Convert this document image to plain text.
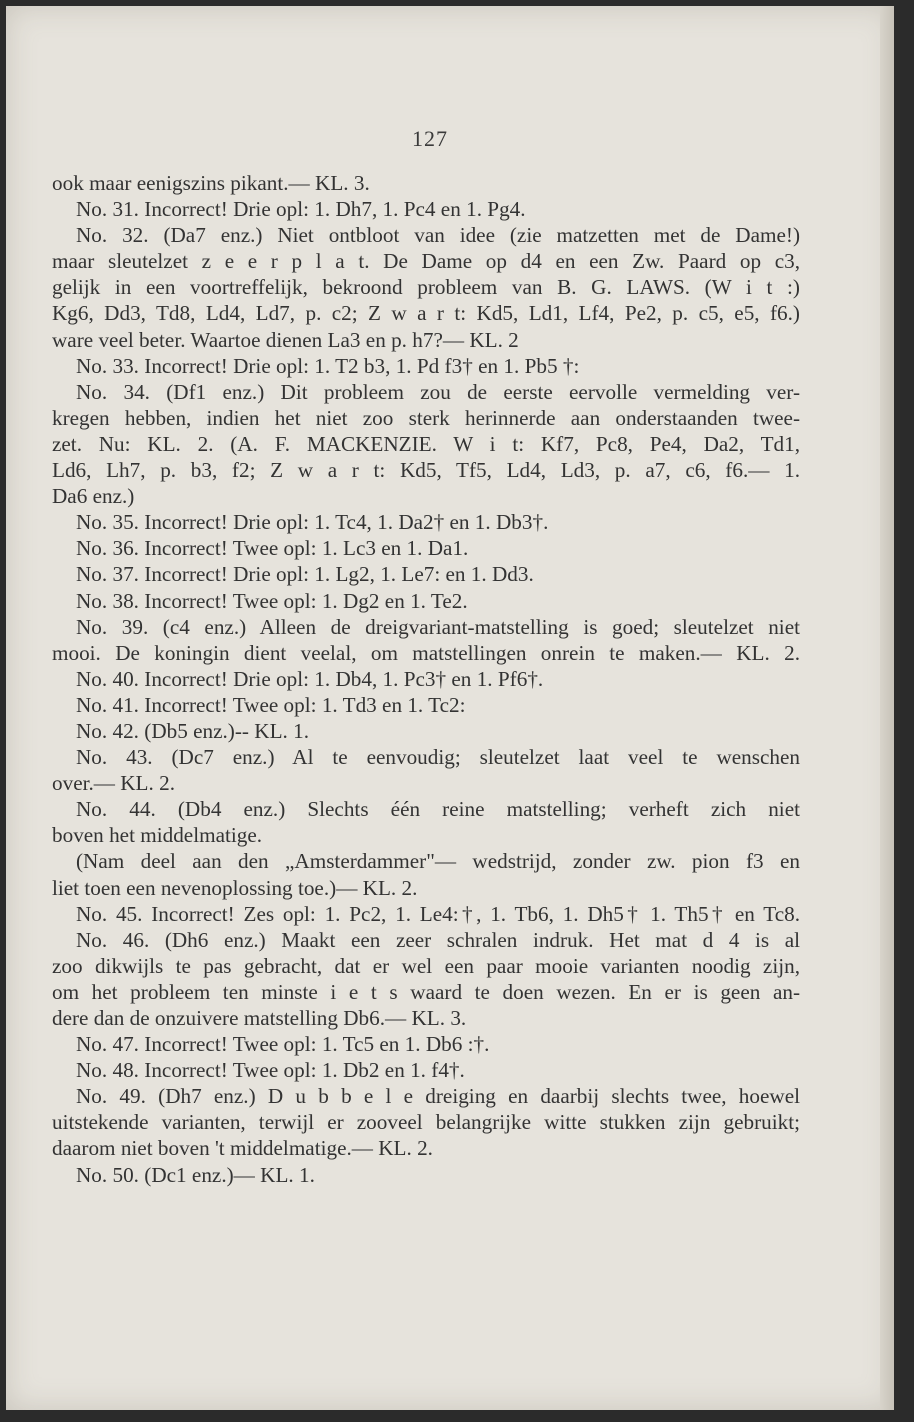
127
ook maar eenigszins pikant.— KL. 3.
No. 31. Incorrect! Drie opl: 1. Dh7, 1. Pc4 en 1. Pg4.
No. 32. (Da7 enz.) Niet ontbloot van idee (zie matzetten met de Dame!)
maar sleutelzet z e e r p l a t. De Dame op d4 en een Zw. Paard op c3,
gelijk in een voortreffelijk, bekroond probleem van B. G. LAWS. (W i t :)
Kg6, Dd3, Td8, Ld4, Ld7, p. c2; Z w a r t: Kd5, Ld1, Lf4, Pe2, p. c5, e5, f6.)
ware veel beter. Waartoe dienen La3 en p. h7?— KL. 2
No. 33. Incorrect! Drie opl: 1. T2 b3, 1. Pd f3† en 1. Pb5 †:
No. 34. (Df1 enz.) Dit probleem zou de eerste eervolle vermelding ver-
kregen hebben, indien het niet zoo sterk herinnerde aan onderstaanden twee-
zet. Nu: KL. 2. (A. F. MACKENZIE. W i t: Kf7, Pc8, Pe4, Da2, Td1,
Ld6, Lh7, p. b3, f2; Z w a r t: Kd5, Tf5, Ld4, Ld3, p. a7, c6, f6.— 1.
Da6 enz.)
No. 35. Incorrect! Drie opl: 1. Tc4, 1. Da2† en 1. Db3†.
No. 36. Incorrect! Twee opl: 1. Lc3 en 1. Da1.
No. 37. Incorrect! Drie opl: 1. Lg2, 1. Le7: en 1. Dd3.
No. 38. Incorrect! Twee opl: 1. Dg2 en 1. Te2.
No. 39. (c4 enz.) Alleen de dreigvariant-matstelling is goed; sleutelzet niet
mooi. De koningin dient veelal, om matstellingen onrein te maken.— KL. 2.
No. 40. Incorrect! Drie opl: 1. Db4, 1. Pc3† en 1. Pf6†.
No. 41. Incorrect! Twee opl: 1. Td3 en 1. Tc2:
No. 42. (Db5 enz.)-- KL. 1.
No. 43. (Dc7 enz.) Al te eenvoudig; sleutelzet laat veel te wenschen
over.— KL. 2.
No. 44. (Db4 enz.) Slechts één reine matstelling; verheft zich niet
boven het middelmatige.
(Nam deel aan den „Amsterdammer"— wedstrijd, zonder zw. pion f3 en
liet toen een nevenoplossing toe.)— KL. 2.
No. 45. Incorrect! Zes opl: 1. Pc2, 1. Le4:†, 1. Tb6, 1. Dh5† 1. Th5† en Tc8.
No. 46. (Dh6 enz.) Maakt een zeer schralen indruk. Het mat d 4 is al
zoo dikwijls te pas gebracht, dat er wel een paar mooie varianten noodig zijn,
om het probleem ten minste i e t s waard te doen wezen. En er is geen an-
dere dan de onzuivere matstelling Db6.— KL. 3.
No. 47. Incorrect! Twee opl: 1. Tc5 en 1. Db6 :†.
No. 48. Incorrect! Twee opl: 1. Db2 en 1. f4†.
No. 49. (Dh7 enz.) D u b b e l e dreiging en daarbij slechts twee, hoewel
uitstekende varianten, terwijl er zooveel belangrijke witte stukken zijn gebruikt;
daarom niet boven 't middelmatige.— KL. 2.
No. 50. (Dc1 enz.)— KL. 1.
